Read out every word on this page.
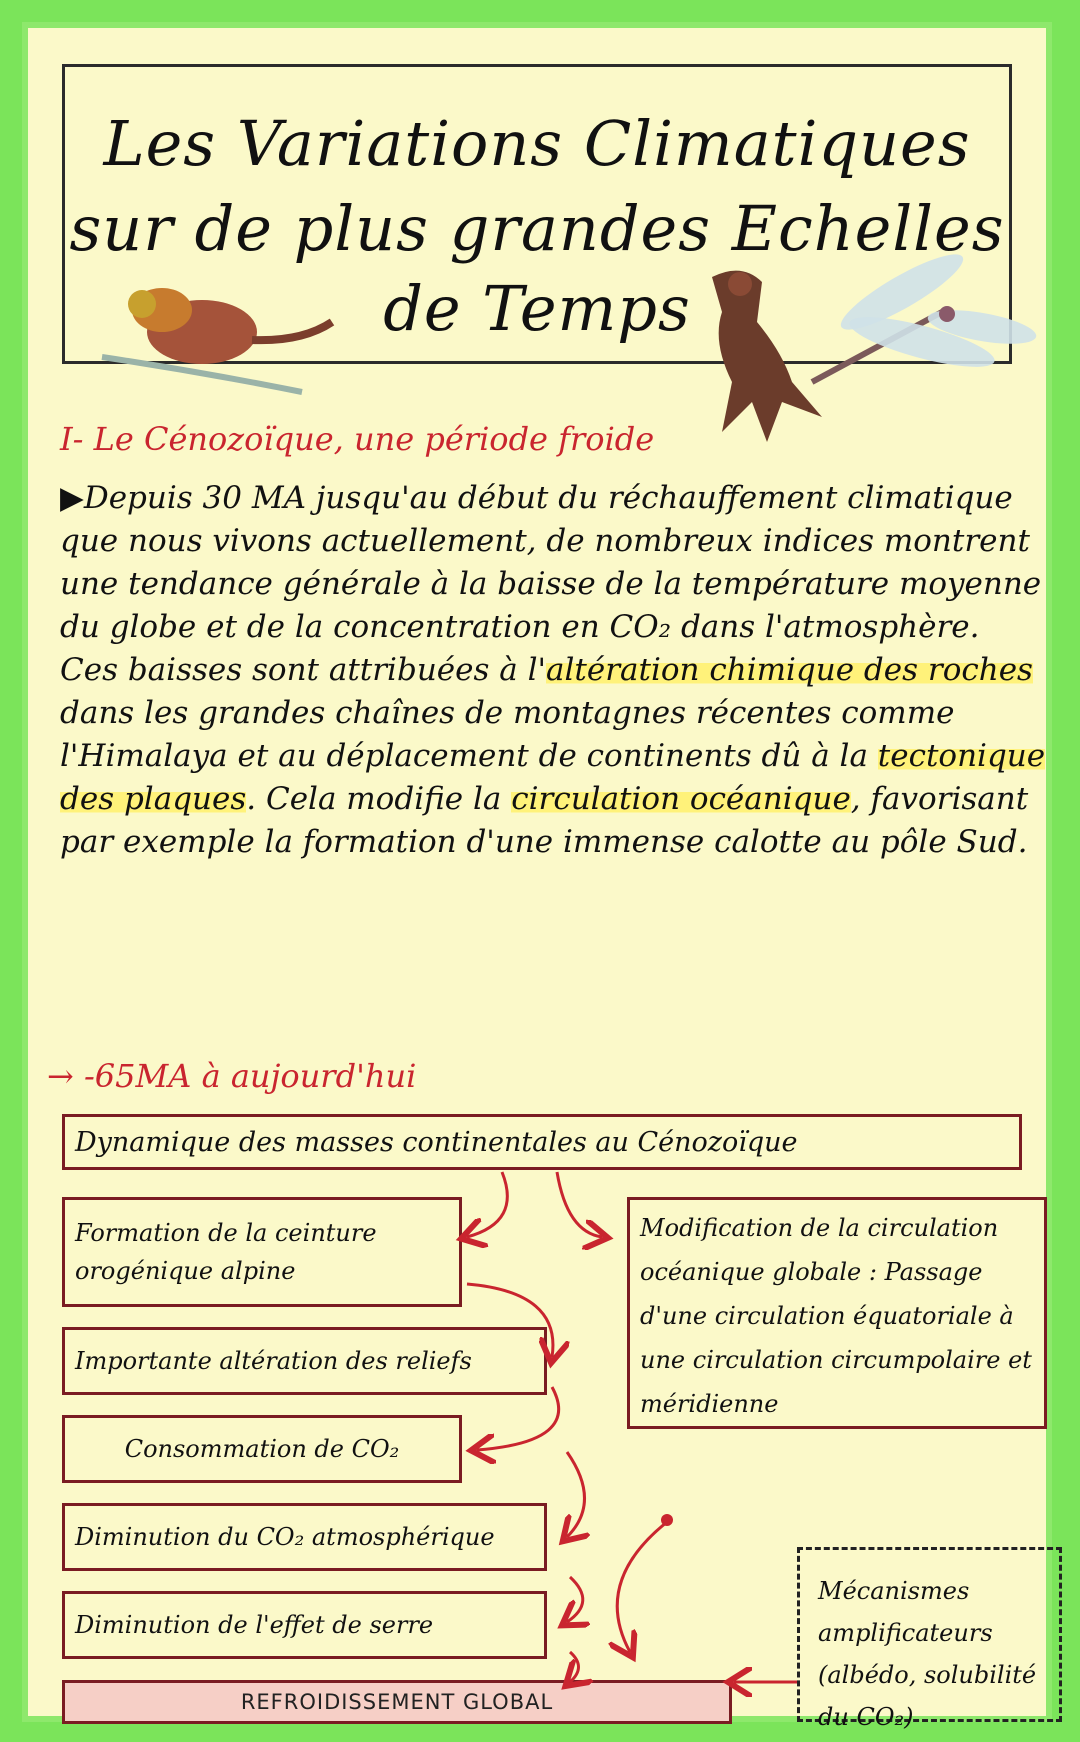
Les Variations Climatiques
sur de plus grandes Echelles
de Temps
I- Le Cénozoïque, une période froide
▶Depuis 30 MA jusqu'au début du réchauffement climatique que nous vivons actuellement, de nombreux indices montrent une tendance générale à la baisse de la température moyenne du globe et de la concentration en CO₂ dans l'atmosphère.
Ces baisses sont attribuées à l'altération chimique des roches dans les grandes chaînes de montagnes récentes comme l'Himalaya et au déplacement de continents dû à la tectonique des plaques. Cela modifie la circulation océanique, favorisant par exemple la formation d'une immense calotte au pôle Sud.
→ -65MA à aujourd'hui
Dynamique des masses continentales au Cénozoïque
Formation de la ceinture orogénique alpine
Importante altération des reliefs
Consommation de CO₂
Diminution du CO₂ atmosphérique
Diminution de l'effet de serre
Modification de la circulation océanique globale : Passage d'une circulation équatoriale à une circulation circumpolaire et méridienne
Mécanismes amplificateurs (albédo, solubilité du CO₂)
REFROIDISSEMENT GLOBAL
